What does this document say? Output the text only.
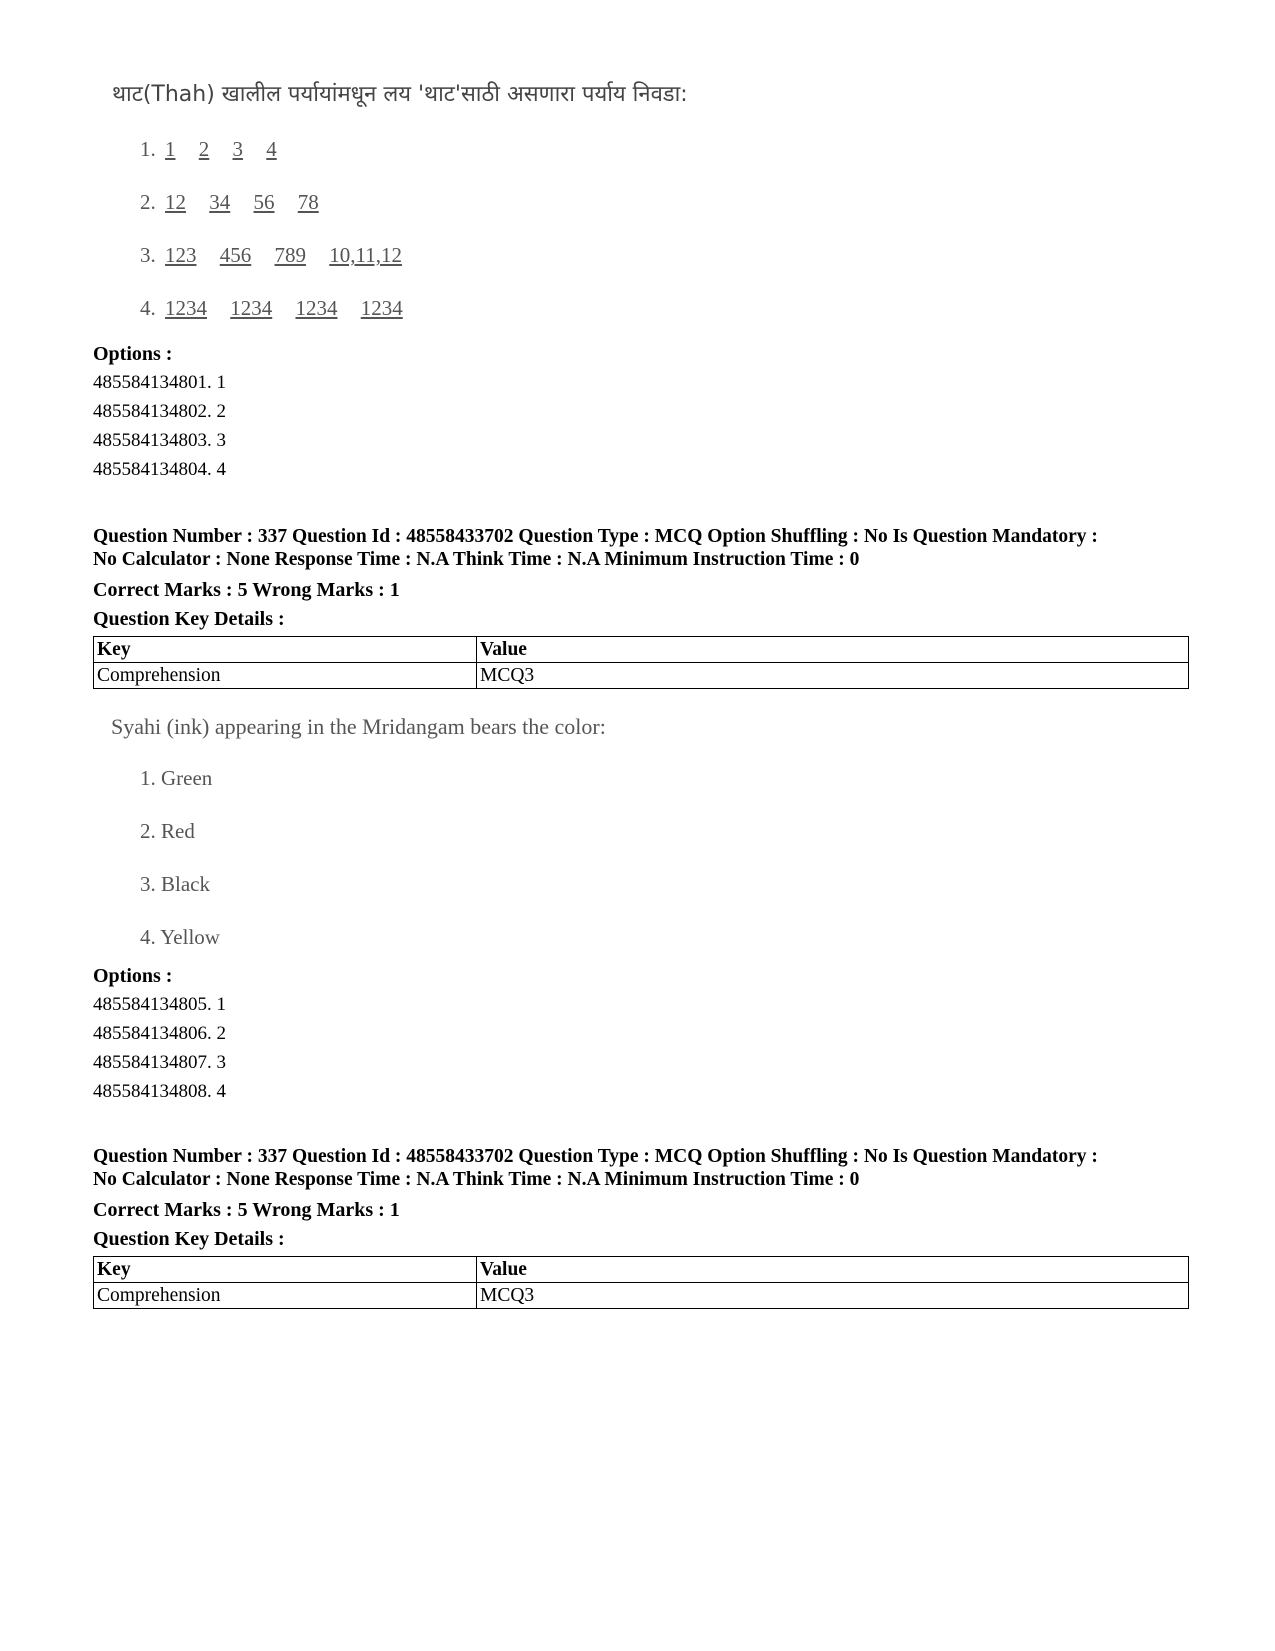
थाट(Thah) खालील पर्यायांमधून लय 'थाट'साठी असणारा पर्याय निवडा:
1. 1 2 3 4
2. 12 34 56 78
3. 123 456 789 10,11,12
4. 1234 1234 1234 1234
Options :
485584134801. 1
485584134802. 2
485584134803. 3
485584134804. 4
Question Number : 337 Question Id : 48558433702 Question Type : MCQ Option Shuffling : No Is Question Mandatory :
No Calculator : None Response Time : N.A Think Time : N.A Minimum Instruction Time : 0
Correct Marks : 5 Wrong Marks : 1
Question Key Details :
Key	Value
Comprehension	MCQ3
Syahi (ink) appearing in the Mridangam bears the color:
1. Green
2. Red
3. Black
4. Yellow
Options :
485584134805. 1
485584134806. 2
485584134807. 3
485584134808. 4
Question Number : 337 Question Id : 48558433702 Question Type : MCQ Option Shuffling : No Is Question Mandatory :
No Calculator : None Response Time : N.A Think Time : N.A Minimum Instruction Time : 0
Correct Marks : 5 Wrong Marks : 1
Question Key Details :
Key	Value
Comprehension	MCQ3
